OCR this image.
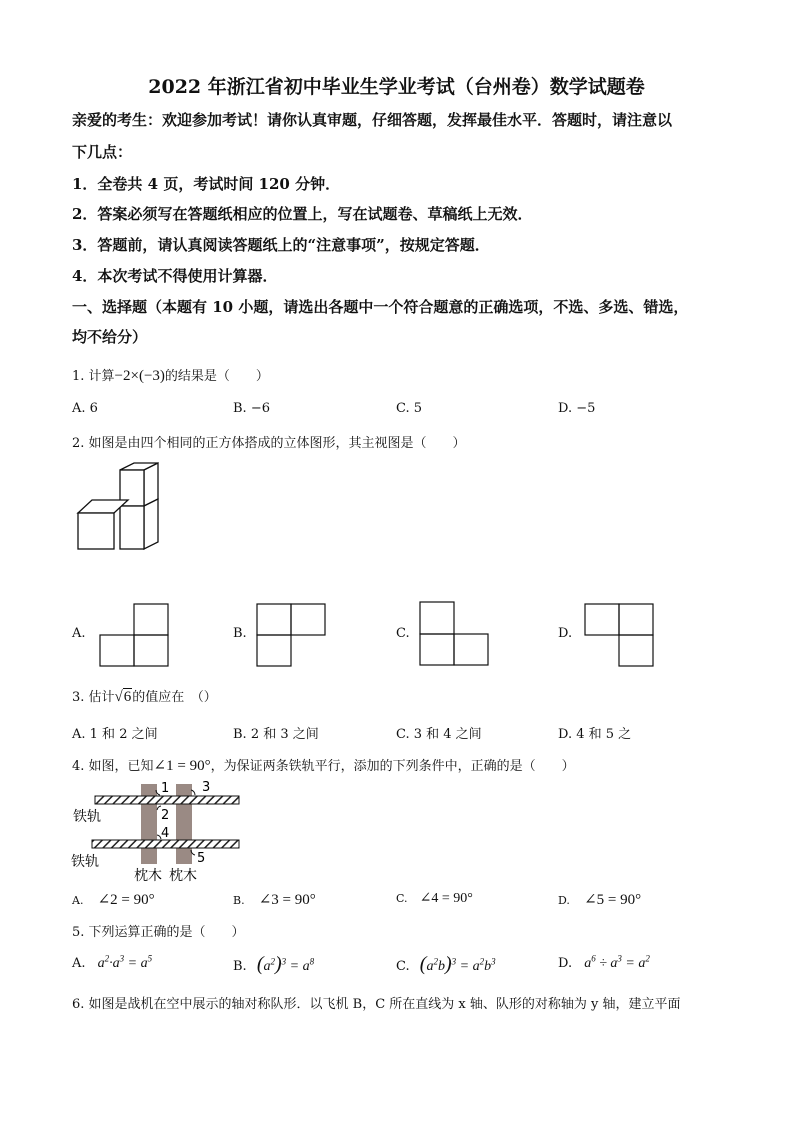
2022 年浙江省初中毕业生学业考试（台州卷）数学试题卷
亲爱的考生：欢迎参加考试！请你认真审题，仔细答题，发挥最佳水平．答题时，请注意以
下几点：
1．全卷共 4 页，考试时间 120 分钟．
2．答案必须写在答题纸相应的位置上，写在试题卷、草稿纸上无效．
3．答题前，请认真阅读答题纸上的“注意事项”，按规定答题．
4．本次考试不得使用计算器．
一、选择题（本题有 10 小题，请选出各题中一个符合题意的正确选项，不选、多选、错选，
均不给分）
1. 计算−2×(−3)的结果是（　　）
A. 6	B. −6	C. 5	D. −5
2. 如图是由四个相同的正方体搭成的立体图形，其主视图是（　　）
A.	B.	C.	D.
3. 估计√6的值应在　（）
A. 1 和 2 之间	B. 2 和 3 之间	C. 3 和 4 之间	D. 4 和 5 之
4. 如图，已知∠1 = 90°，为保证两条铁轨平行，添加的下列条件中，正确的是（　　）
1
2
3
4
5
铁轨
铁轨
枕木 枕木
A. ∠2 = 90°	B. ∠3 = 90°	C. ∠4 = 90°	D. ∠5 = 90°
5. 下列运算正确的是（　　）
A. $a^2\cdot a^3 = a^5$
B. $(a^2)^3 = a^8$	C. $(a^2b)^3 = a^2b^3$	D. $a^6 \div a^3 = a^2$
6. 如图是战机在空中展示的轴对称队形．以飞机 B，C 所在直线为 x 轴、队形的对称轴为 y 轴，建立平面
